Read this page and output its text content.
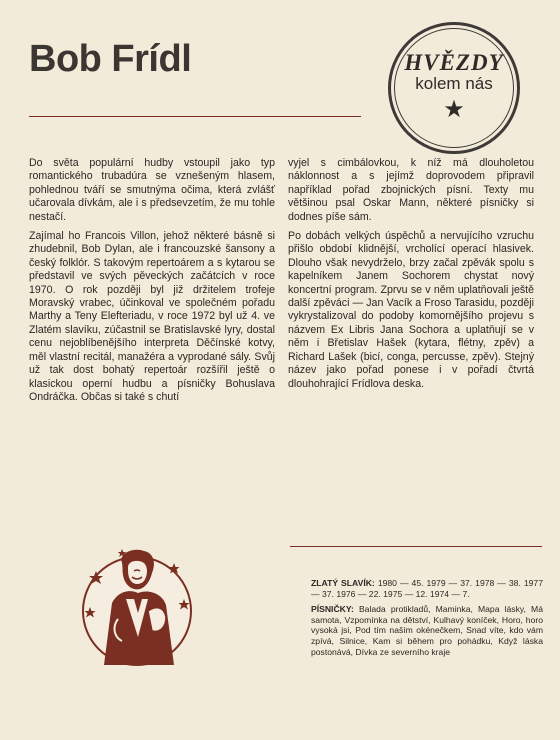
Bob Frídl	HVĚZDY
kolem nás
★

Do světa populární hudby vstoupil jako typ romantického trubadúra se vznešeným hlasem, pohlednou tváří se smutnýma očima, která zvlášť učarovala dívkám, ale i s předsevzetím, že mu tohle nestačí.

Zajímal ho Francois Villon, jehož některé básně si zhudebnil, Bob Dylan, ale i francouzské šansony a český folklór. S takovým repertoárem a s kytarou se představil ve svých pěveckých začátcích v roce 1970. O rok později byl již držitelem trofeje Moravský vrabec, účinkoval ve společném pořadu Marthy a Teny Elefteriadu, v roce 1972 byl už 4. ve Zlatém slavíku, zúčastnil se Bratislavské lyry, dostal cenu nejoblíbenějšího interpreta Děčínské kotvy, měl vlastní recitál, manažéra a vyprodané sály. Svůj už tak dost bohatý repertoár rozšířil ještě o klasickou operní hudbu a písničky Bohuslava Ondráčka. Občas si také s chutí

vyjel s cimbálovkou, k níž má dlouholetou náklonnost a s jejímž doprovodem připravil například pořad zbojnických písní. Texty mu většinou psal Oskar Mann, některé písničky si dodnes píše sám.

Po dobách velkých úspěchů a nervujícího vzruchu přišlo období klidnější, vrcholící operací hlasivek. Dlouho však nevydrželo, brzy začal zpěvák spolu s kapelníkem Janem Sochorem chystat nový koncertní program. Zprvu se v něm uplatňovali ještě další zpěváci — Jan Vacík a Froso Tarasidu, později vykrystalizoval do podoby komornějšího projevu s názvem Ex Libris Jana Sochora a uplatňují se v něm i Břetislav Hašek (kytara, flétny, zpěv) a Richard Lašek (bicí, conga, percusse, zpěv). Stejný název jako pořad ponese i v pořadí čtvrtá dlouhohrající Frídlova deska.

ZLATÝ SLAVÍK: 1980 — 45. 1979 — 37. 1978 — 38. 1977 — 37. 1976 — 22. 1975 — 12. 1974 — 7.

PÍSNIČKY: Balada protikladů, Maminka, Mapa lásky, Má samota, Vzpomínka na dětství, Kulhavý koníček, Horo, horo vysoká jsi, Pod tím naším okénečkem, Snad víte, kdo vám zpívá, Silnice, Kam si během pro pohádku, Když láska postonává, Dívka ze severního kraje
